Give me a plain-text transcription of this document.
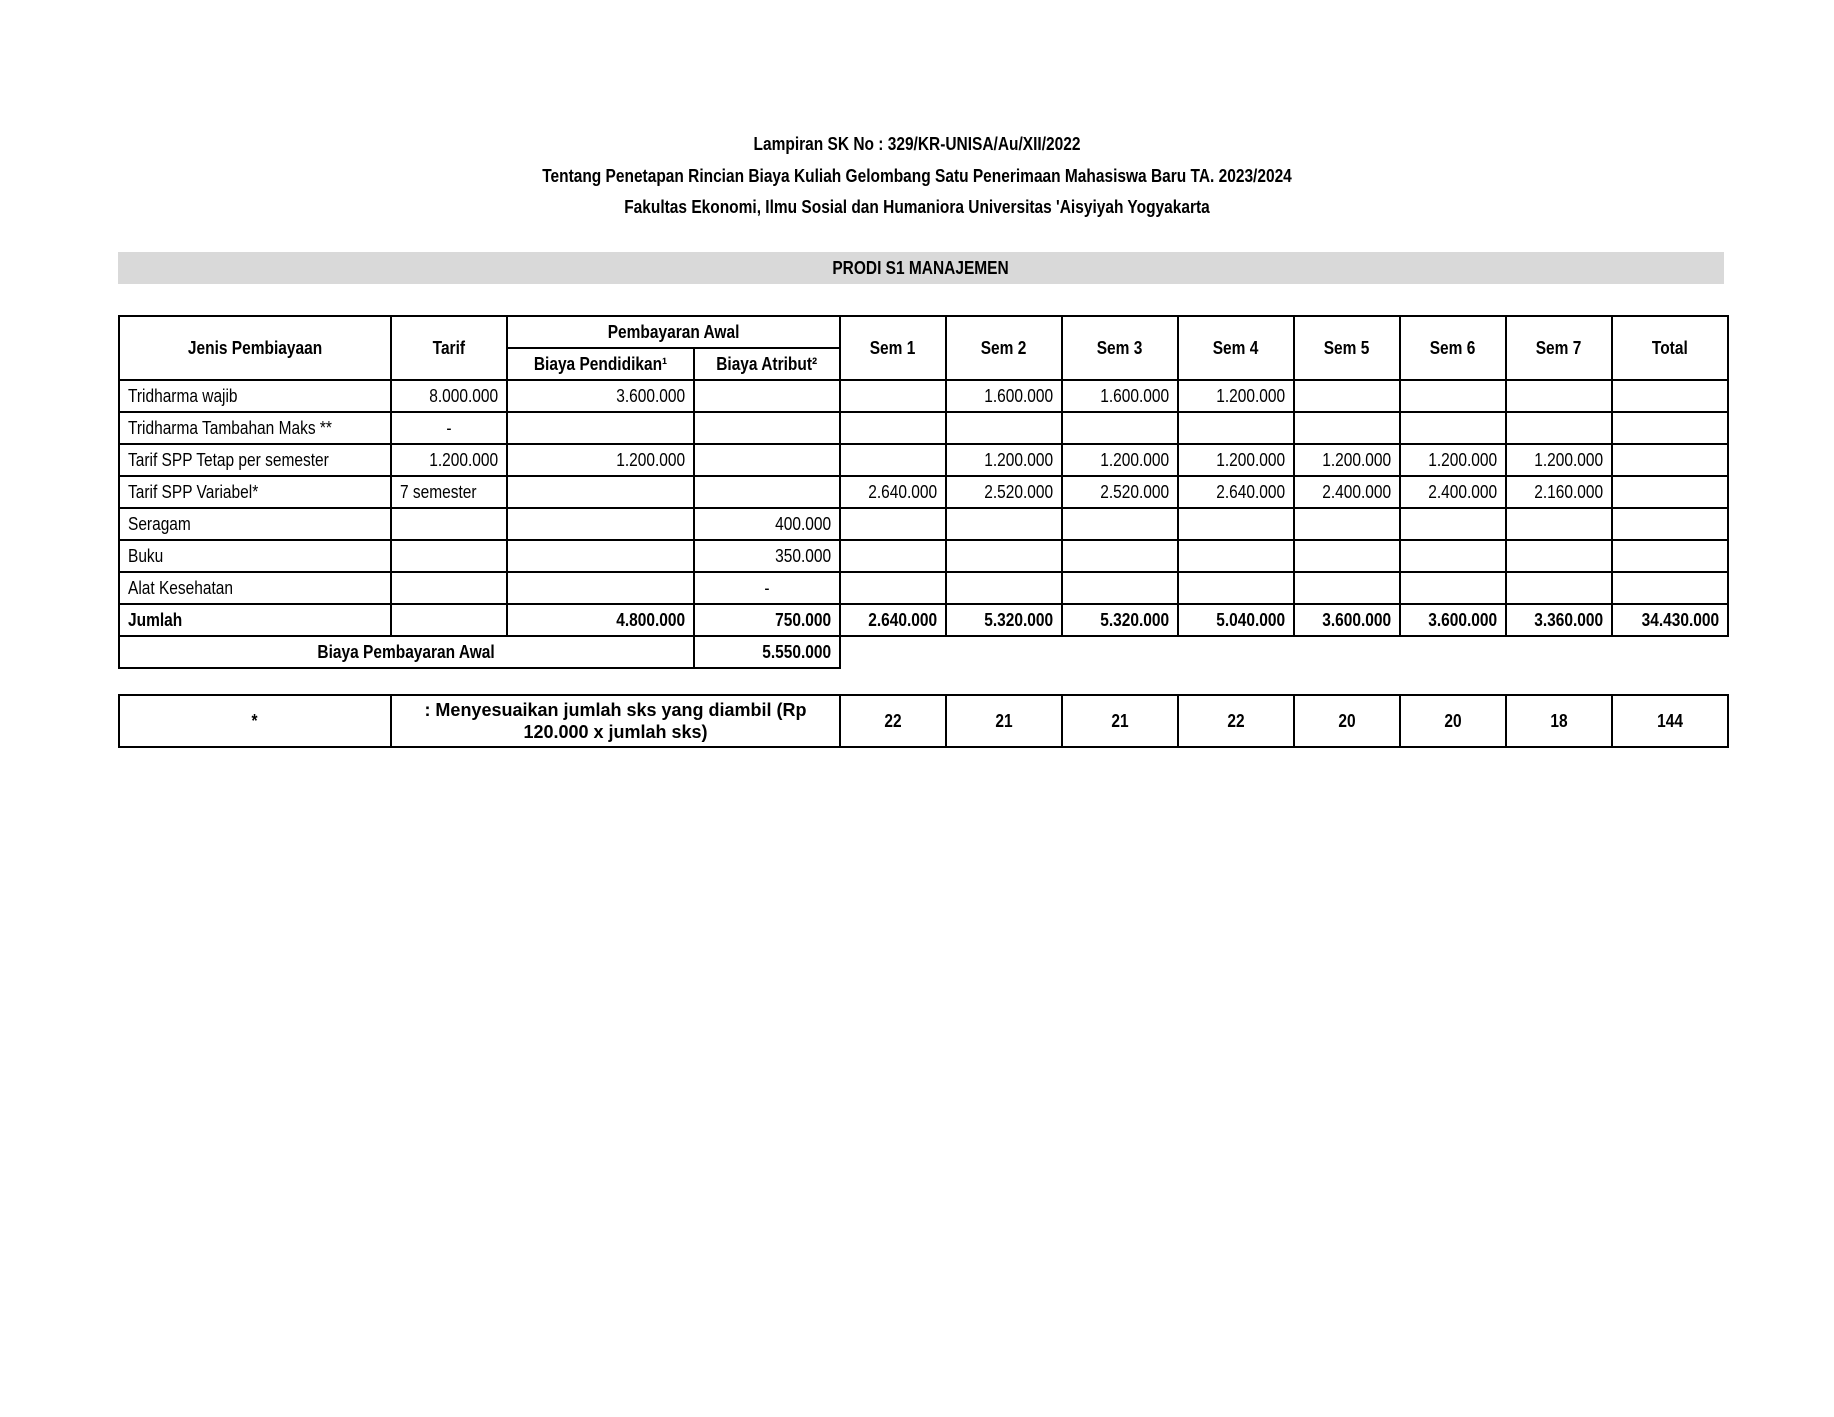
Lampiran SK No : 329/KR-UNISA/Au/XII/2022
Tentang Penetapan Rincian Biaya Kuliah Gelombang Satu Penerimaan Mahasiswa Baru TA. 2023/2024
Fakultas Ekonomi, Ilmu Sosial dan Humaniora Universitas 'Aisyiyah Yogyakarta
PRODI S1 MANAJEMEN
Jenis Pembiayaan	Tarif	Pembayaran Awal		Sem 1	Sem 2	Sem 3	Sem 4	Sem 5	Sem 6	Sem 7	Total
		Biaya Pendidikan¹	Biaya Atribut²								
Tridharma wajib	8.000.000	3.600.000			1.600.000	1.600.000	1.200.000				
Tridharma Tambahan Maks **	-										
Tarif SPP Tetap per semester	1.200.000	1.200.000			1.200.000	1.200.000	1.200.000	1.200.000	1.200.000	1.200.000	
Tarif SPP Variabel*	7 semester			2.640.000	2.520.000	2.520.000	2.640.000	2.400.000	2.400.000	2.160.000	
Seragam			400.000								
Buku			350.000								
Alat Kesehatan			-								
Jumlah		4.800.000	750.000	2.640.000	5.320.000	5.320.000	5.040.000	3.600.000	3.600.000	3.360.000	34.430.000
Biaya Pembayaran Awal			5.550.000								
*	: Menyesuaikan jumlah sks yang diambil (Rp 120.000 x jumlah sks)	22	21	21	22	20	20	18	144
